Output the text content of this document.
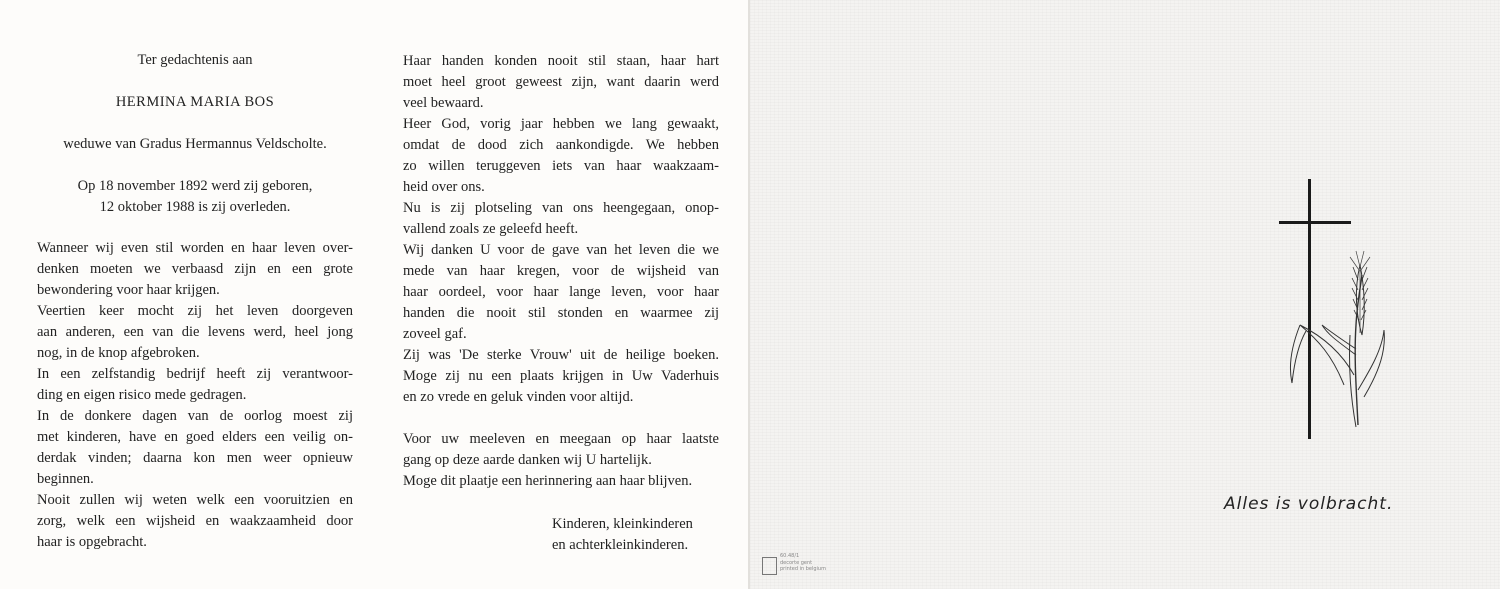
Ter gedachtenis aan
HERMINA MARIA BOS
weduwe van Gradus Hermannus Veldscholte.
Op 18 november 1892 werd zij geboren,
12 oktober 1988 is zij overleden.
Wanneer wij even stil worden en haar leven over-
denken moeten we verbaasd zijn en een grote
bewondering voor haar krijgen.
Veertien keer mocht zij het leven doorgeven
aan anderen, een van die levens werd, heel jong
nog, in de knop afgebroken.
In een zelfstandig bedrijf heeft zij verantwoor-
ding en eigen risico mede gedragen.
In de donkere dagen van de oorlog moest zij
met kinderen, have en goed elders een veilig on-
derdak vinden; daarna kon men weer opnieuw
beginnen.
Nooit zullen wij weten welk een vooruitzien en
zorg, welk een wijsheid en waakzaamheid door
haar is opgebracht.
Haar handen konden nooit stil staan, haar hart
moet heel groot geweest zijn, want daarin werd
veel bewaard.
Heer God, vorig jaar hebben we lang gewaakt,
omdat de dood zich aankondigde. We hebben
zo willen teruggeven iets van haar waakzaam-
heid over ons.
Nu is zij plotseling van ons heengegaan, onop-
vallend zoals ze geleefd heeft.
Wij danken U voor de gave van het leven die we
mede van haar kregen, voor de wijsheid van
haar oordeel, voor haar lange leven, voor haar
handen die nooit stil stonden en waarmee zij
zoveel gaf.
Zij was 'De sterke Vrouw' uit de heilige boeken.
Moge zij nu een plaats krijgen in Uw Vaderhuis
en zo vrede en geluk vinden voor altijd.
Voor uw meeleven en meegaan op haar laatste
gang op deze aarde danken wij U hartelijk.
Moge dit plaatje een herinnering aan haar blijven.
Kinderen, kleinkinderen
en achterkleinkinderen.
Alles is volbracht.
60.48/1
decorte gent
printed in belgium
